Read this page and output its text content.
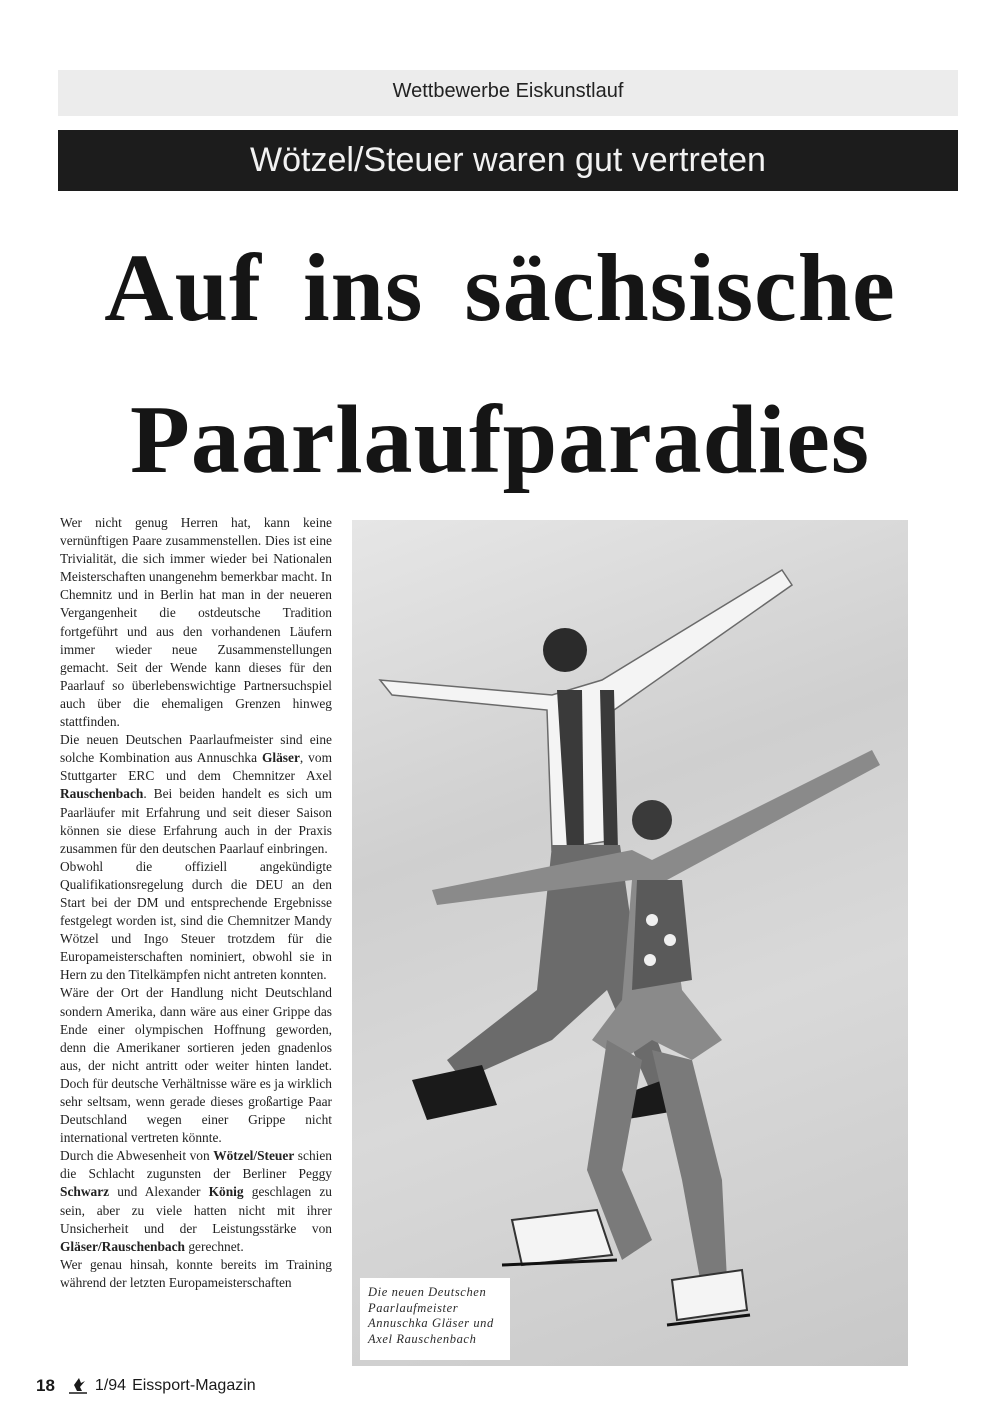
Wettbewerbe Eiskunstlauf
Wötzel/Steuer waren gut vertreten
Auf ins sächsische
Paarlaufparadies

Wer nicht genug Herren hat, kann keine vernünftigen Paare zusammenstellen. Dies ist eine Trivialität, die sich immer wieder bei Nationalen Meisterschaften unangenehm bemerkbar macht. In Chemnitz und in Berlin hat man in der neueren Vergangenheit die ostdeutsche Tradition fortgeführt und aus den vorhandenen Läufern immer wieder neue Zusammenstellungen gemacht. Seit der Wende kann dieses für den Paarlauf so überlebenswichtige Partnersuchspiel auch über die ehemaligen Grenzen hinweg stattfinden.

Die neuen Deutschen Paarlaufmeister sind eine solche Kombination aus Annuschka Gläser, vom Stuttgarter ERC und dem Chemnitzer Axel Rauschenbach. Bei beiden handelt es sich um Paarläufer mit Erfahrung und seit dieser Saison können sie diese Erfahrung auch in der Praxis zusammen für den deutschen Paarlauf einbringen.

Obwohl die offiziell angekündigte Qualifikationsregelung durch die DEU an den Start bei der DM und entsprechende Ergebnisse festgelegt worden ist, sind die Chemnitzer Mandy Wötzel und Ingo Steuer trotzdem für die Europameisterschaften nominiert, obwohl sie in Hern zu den Titelkämpfen nicht antreten konnten.

Wäre der Ort der Handlung nicht Deutschland sondern Amerika, dann wäre aus einer Grippe das Ende einer olympischen Hoffnung geworden, denn die Amerikaner sortieren jeden gnadenlos aus, der nicht antritt oder weiter hinten landet. Doch für deutsche Verhältnisse wäre es ja wirklich sehr seltsam, wenn gerade dieses großartige Paar Deutschland wegen einer Grippe nicht international vertreten könnte.

Durch die Abwesenheit von Wötzel/Steuer schien die Schlacht zugunsten der Berliner Peggy Schwarz und Alexander König geschlagen zu sein, aber zu viele hatten nicht mit ihrer Unsicherheit und der Leistungsstärke von Gläser/Rauschenbach gerechnet.

Wer genau hinsah, konnte bereits im Training während der letzten Europameisterschaften

Die neuen Deutschen Paarlaufmeister Annuschka Gläser und Axel Rauschenbach
18	1/94 Eissport-Magazin
